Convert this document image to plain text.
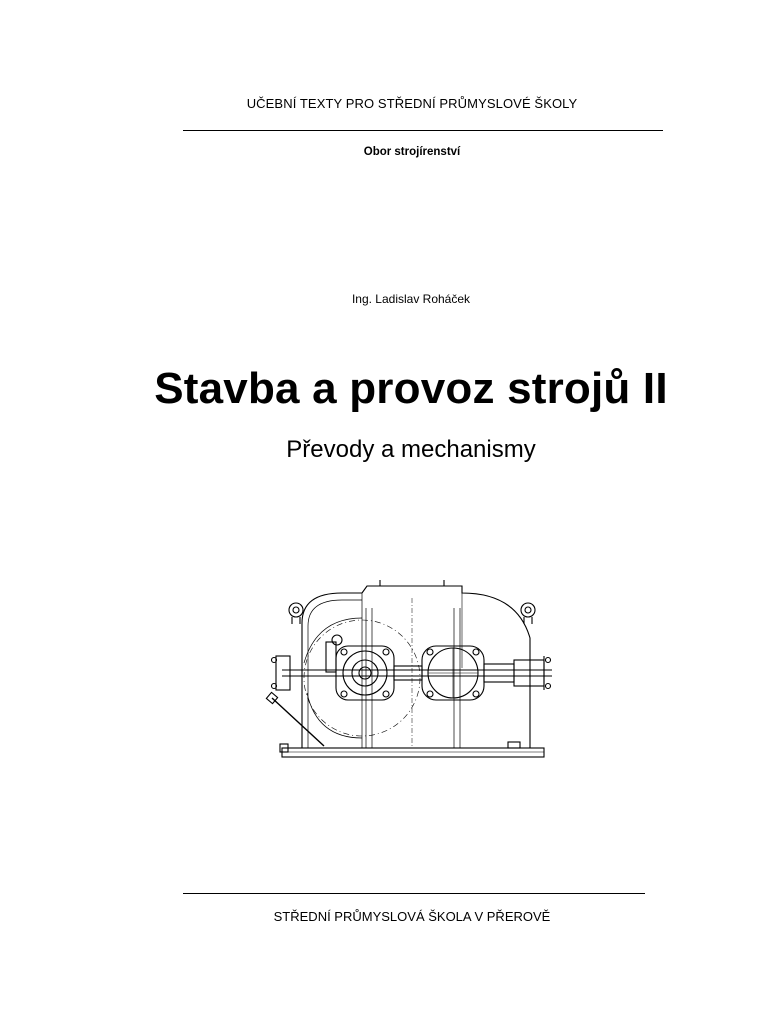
UČEBNÍ TEXTY PRO STŘEDNÍ PRŮMYSLOVÉ ŠKOLY
Obor strojírenství
Ing. Ladislav Roháček
Stavba a provoz strojů II
Převody a mechanismy
STŘEDNÍ PRŮMYSLOVÁ ŠKOLA V PŘEROVĚ
